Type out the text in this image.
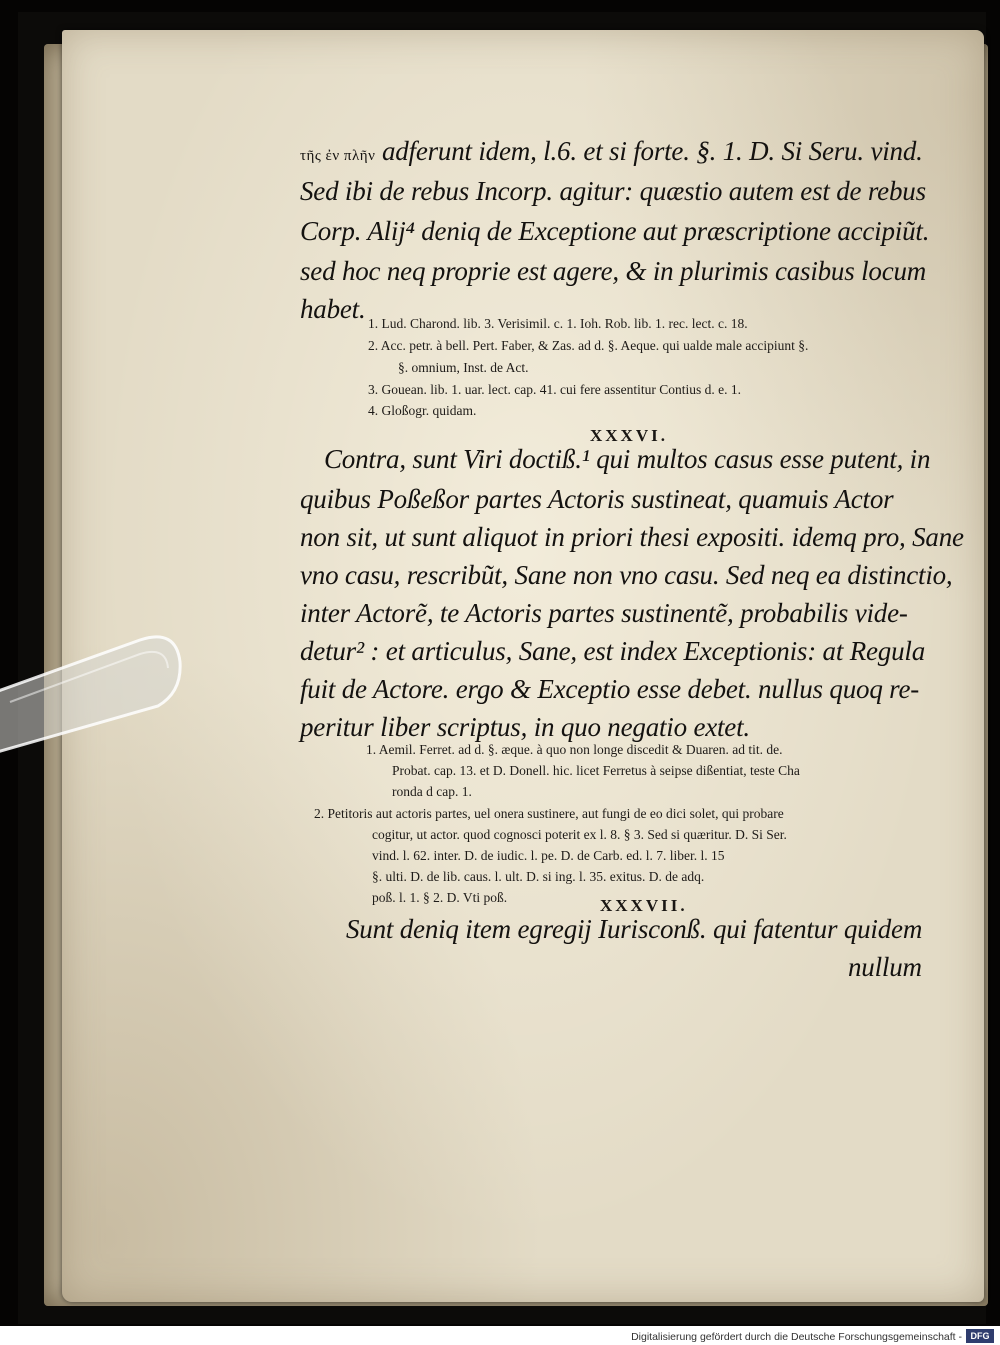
τῆς ἐν πλῆν adferunt idem, l.6. et si forte. §. 1. D. Si Seru. vind.
Sed ibi de rebus Incorp. agitur: quæstio autem est de rebus
Corp. Alij⁴ deniq de Exceptione aut præscriptione accipiũt.
sed hoc neq proprie est agere, & in plurimis casibus locum
habet. 1. Lud. Charond. lib. 3. Verisimil. c. 1. Ioh. Rob. lib. 1. rec. lect. c. 18.
2. Acc. petr. à bell. Pert. Faber, & Zas. ad d. §. Aeque. qui ualde male accipiunt §.
§. omnium, Inst. de Act.
3. Gouean. lib. 1. uar. lect. cap. 41. cui fere assentitur Contius d. e. 1.
4. Gloßogr. quidam.
XXXVI.
Contra, sunt Viri doctiß.¹ qui multos casus esse putent, in
quibus Poßeßor partes Actoris sustineat, quamuis Actor
non sit, ut sunt aliquot in priori thesi expositi. idemq pro, Sane
vno casu, rescribũt, Sane non vno casu. Sed neq ea distinctio,
inter Actorẽ, te Actoris partes sustinentẽ, probabilis vide-
detur² : et articulus, Sane, est index Exceptionis: at Regula
fuit de Actore. ergo & Exceptio esse debet. nullus quoq re-
peritur liber scriptus, in quo negatio extet.
1. Aemil. Ferret. ad d. §. æque. à quo non longe discedit & Duaren. ad tit. de.
Probat. cap. 13. et D. Donell. hic. licet Ferretus à seipse dißentiat, teste Cha
ronda d cap. 1.
2. Petitoris aut actoris partes, uel onera sustinere, aut fungi de eo dici solet, qui probare
cogitur, ut actor. quod cognosci poterit ex l. 8. § 3. Sed si quæritur. D. Si Ser.
vind. l. 62. inter. D. de iudic. l. pe. D. de Carb. ed. l. 7. liber. l. 15
§. ulti. D. de lib. caus. l. ult. D. si ing. l. 35. exitus. D. de adq.
poß. l. 1. § 2. D. Vti poß.	XXXVII.
Sunt deniq item egregij Iurisconß. qui fatentur quidem
nullum
Digitalisierung gefördert durch die Deutsche Forschungsgemeinschaft - DFG
